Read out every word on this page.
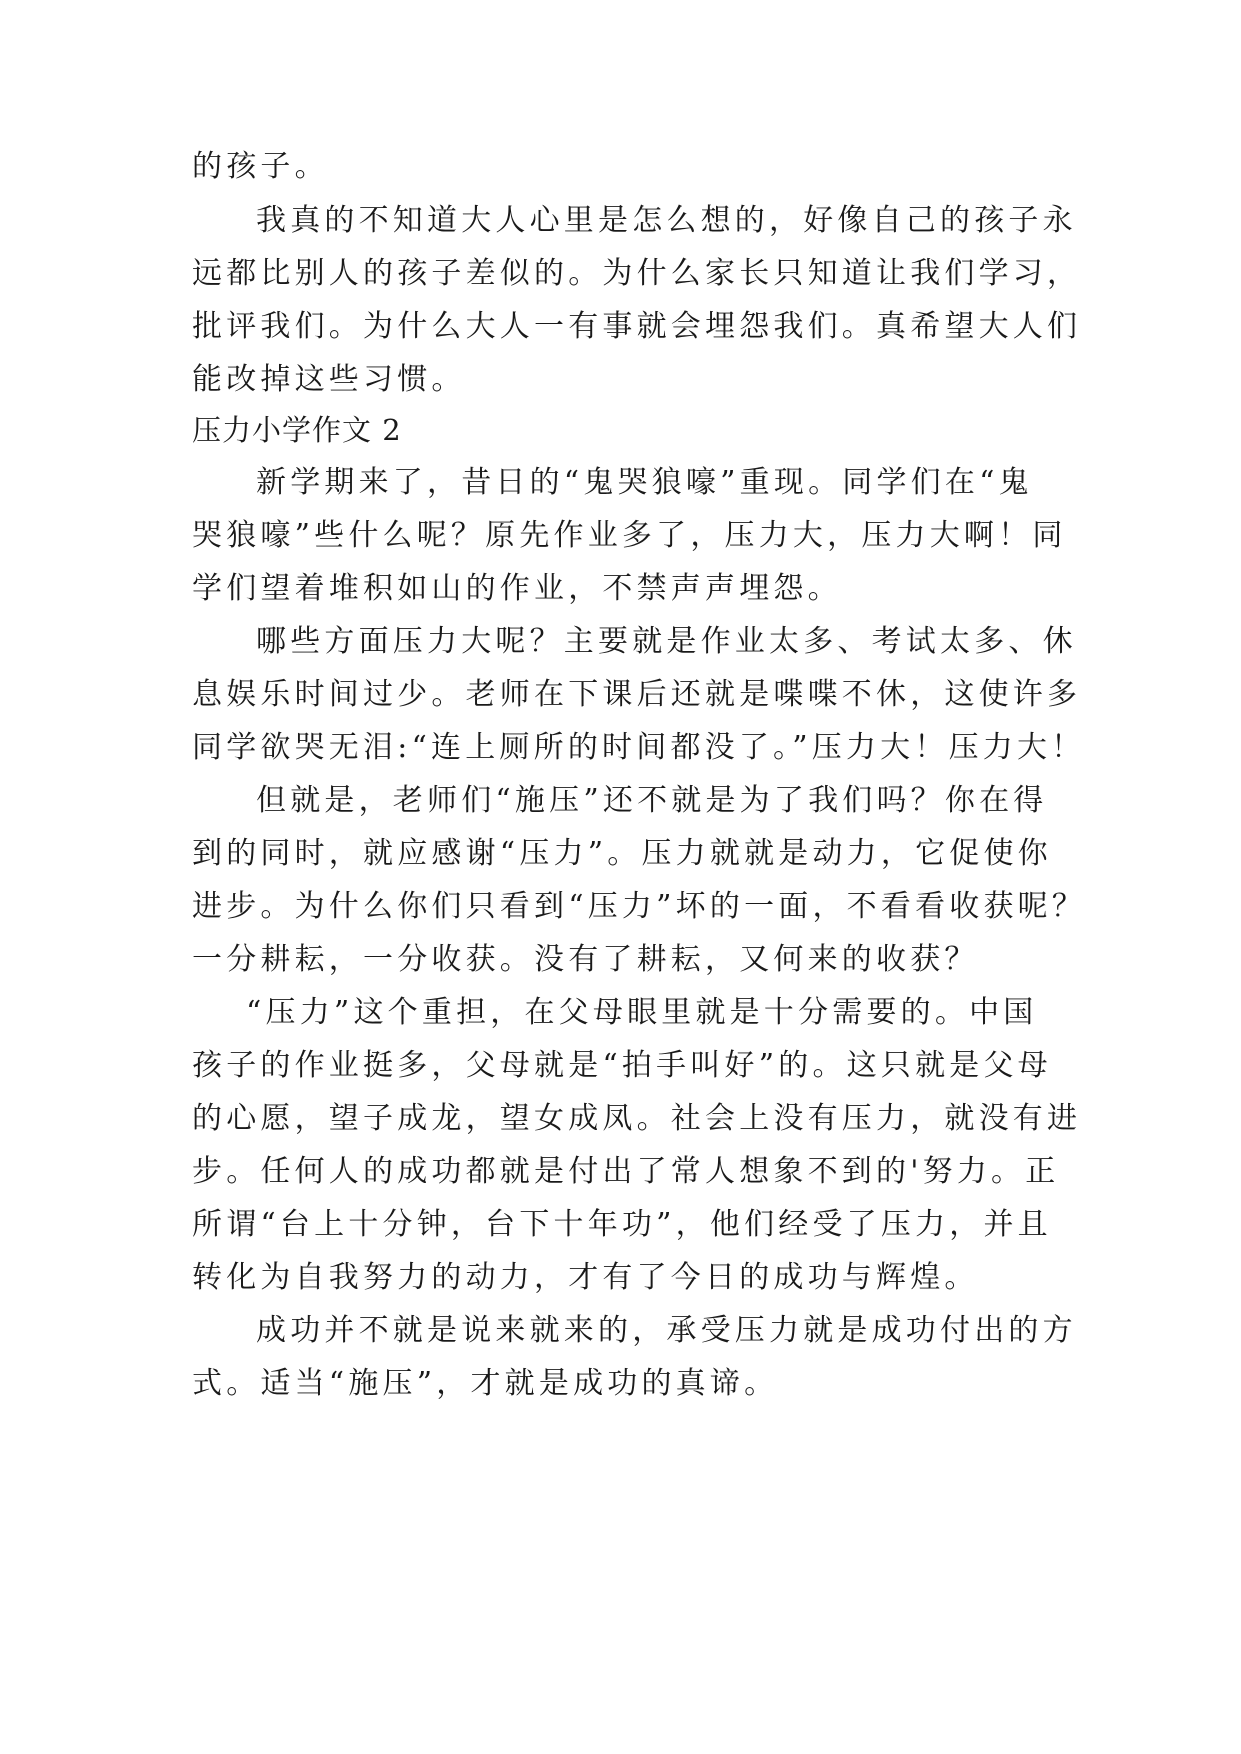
的孩子。
我真的不知道大人心里是怎么想的，好像自己的孩子永
远都比别人的孩子差似的。为什么家长只知道让我们学习，
批评我们。为什么大人一有事就会埋怨我们。真希望大人们
能改掉这些习惯。
压力小学作文 2
新学期来了，昔日的“鬼哭狼嚎”重现。同学们在“鬼
哭狼嚎”些什么呢？原先作业多了，压力大，压力大啊！同
学们望着堆积如山的作业，不禁声声埋怨。
哪些方面压力大呢？主要就是作业太多、考试太多、休
息娱乐时间过少。老师在下课后还就是喋喋不休，这使许多
同学欲哭无泪:“连上厕所的时间都没了。”压力大！压力大！
但就是，老师们“施压”还不就是为了我们吗？你在得
到的同时，就应感谢“压力”。压力就就是动力，它促使你
进步。为什么你们只看到“压力”坏的一面，不看看收获呢？
一分耕耘，一分收获。没有了耕耘，又何来的收获？
“压力”这个重担，在父母眼里就是十分需要的。中国
孩子的作业挺多，父母就是“拍手叫好”的。这只就是父母
的心愿，望子成龙，望女成凤。社会上没有压力，就没有进
步。任何人的成功都就是付出了常人想象不到的'努力。正
所谓“台上十分钟，台下十年功”，他们经受了压力，并且
转化为自我努力的动力，才有了今日的成功与辉煌。
成功并不就是说来就来的，承受压力就是成功付出的方
式。适当“施压”，才就是成功的真谛。
